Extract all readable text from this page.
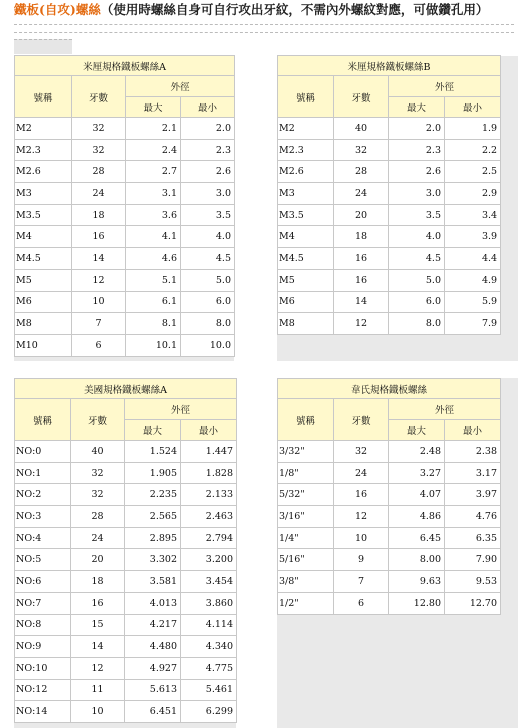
鐵板(自攻)螺絲（使用時螺絲自身可自行攻出牙紋，不需內外螺紋對應，可做鑽孔用）
米厘規格鐵板螺絲A			
號稱	牙數	外徑	
		最大	最小
M2	32	2.1	2.0
M2.3	32	2.4	2.3
M2.6	28	2.7	2.6
M3	24	3.1	3.0
M3.5	18	3.6	3.5
M4	16	4.1	4.0
M4.5	14	4.6	4.5
M5	12	5.1	5.0
M6	10	6.1	6.0
M8	7	8.1	8.0
M10	6	10.1	10.0
米厘規格鐵板螺絲B			
號稱	牙數	外徑	
		最大	最小
M2	40	2.0	1.9
M2.3	32	2.3	2.2
M2.6	28	2.6	2.5
M3	24	3.0	2.9
M3.5	20	3.5	3.4
M4	18	4.0	3.9
M4.5	16	4.5	4.4
M5	16	5.0	4.9
M6	14	6.0	5.9
M8	12	8.0	7.9
美國規格鐵板螺絲A			
號稱	牙數	外徑	
		最大	最小
NO:0	40	1.524	1.447
NO:1	32	1.905	1.828
NO:2	32	2.235	2.133
NO:3	28	2.565	2.463
NO:4	24	2.895	2.794
NO:5	20	3.302	3.200
NO:6	18	3.581	3.454
NO:7	16	4.013	3.860
NO:8	15	4.217	4.114
NO:9	14	4.480	4.340
NO:10	12	4.927	4.775
NO:12	11	5.613	5.461
NO:14	10	6.451	6.299
韋氏規格鐵板螺絲			
號稱	牙數	外徑	
		最大	最小
3/32"	32	2.48	2.38
1/8"	24	3.27	3.17
5/32"	16	4.07	3.97
3/16"	12	4.86	4.76
1/4"	10	6.45	6.35
5/16"	9	8.00	7.90
3/8"	7	9.63	9.53
1/2"	6	12.80	12.70
